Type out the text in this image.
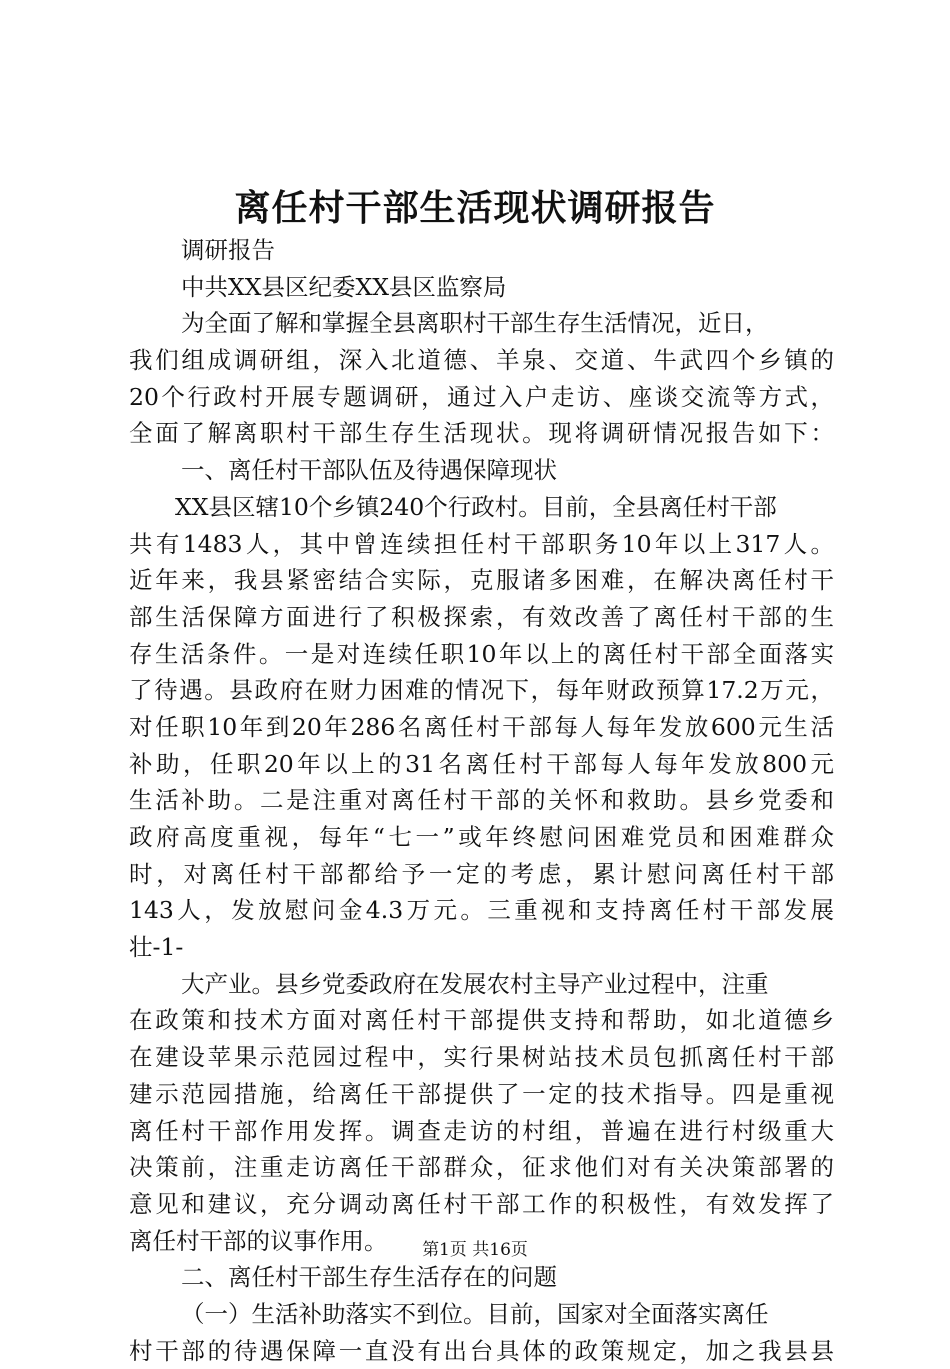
离任村干部生活现状调研报告
调研报告
中共XX县区纪委XX县区监察局
为全面了解和掌握全县离职村干部生存生活情况，近日，
我们组成调研组，深入北道德、羊泉、交道、牛武四个乡镇的
20个行政村开展专题调研，通过入户走访、座谈交流等方式，
全面了解离职村干部生存生活现状。现将调研情况报告如下：
一、离任村干部队伍及待遇保障现状
XX县区辖10个乡镇240个行政村。目前，全县离任村干部
共有1483人，其中曾连续担任村干部职务10年以上317人。
近年来，我县紧密结合实际，克服诸多困难，在解决离任村干
部生活保障方面进行了积极探索，有效改善了离任村干部的生
存生活条件。一是对连续任职10年以上的离任村干部全面落实
了待遇。县政府在财力困难的情况下，每年财政预算17.2万元，
对任职10年到20年286名离任村干部每人每年发放600元生活
补助，任职20年以上的31名离任村干部每人每年发放800元
生活补助。二是注重对离任村干部的关怀和救助。县乡党委和
政府高度重视，每年“七一”或年终慰问困难党员和困难群众
时，对离任村干部都给予一定的考虑，累计慰问离任村干部
143人，发放慰问金4.3万元。三重视和支持离任村干部发展
壮-1-
大产业。县乡党委政府在发展农村主导产业过程中，注重
在政策和技术方面对离任村干部提供支持和帮助，如北道德乡
在建设苹果示范园过程中，实行果树站技术员包抓离任村干部
建示范园措施，给离任干部提供了一定的技术指导。四是重视
离任村干部作用发挥。调查走访的村组，普遍在进行村级重大
决策前，注重走访离任干部群众，征求他们对有关决策部署的
意见和建议，充分调动离任村干部工作的积极性，有效发挥了
离任村干部的议事作用。
二、离任村干部生存生活存在的问题
（一）生活补助落实不到位。目前，国家对全面落实离任
村干部的待遇保障一直没有出台具体的政策规定，加之我县县
第1页 共16页
